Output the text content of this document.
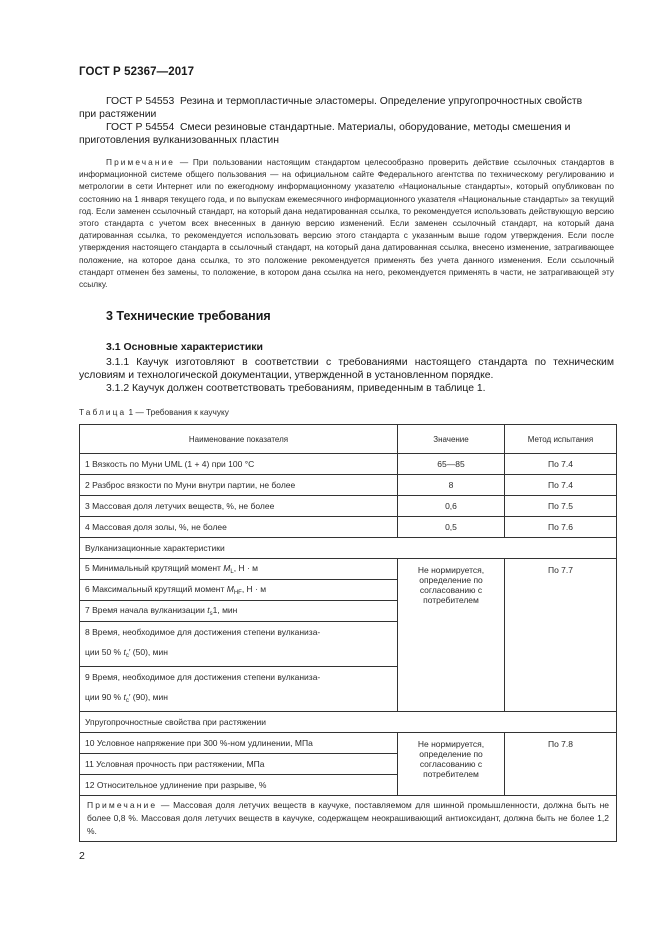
ГОСТ Р 52367—2017
ГОСТ Р 54553 Резина и термопластичные эластомеры. Определение упругопрочностных свойств
при растяжении
ГОСТ Р 54554 Смеси резиновые стандартные. Материалы, оборудование, методы смешения и
приготовления вулканизованных пластин
Примечание — При пользовании настоящим стандартом целесообразно проверить действие ссылочных стандартов в информационной системе общего пользования — на официальном сайте Федерального агентства по техническому регулированию и метрологии в сети Интернет или по ежегодному информационному указателю «Национальные стандарты», который опубликован по состоянию на 1 января текущего года, и по выпускам ежемесячного информационного указателя «Национальные стандарты» за текущий год. Если заменен ссылочный стандарт, на который дана недатированная ссылка, то рекомендуется использовать действующую версию этого стандарта с учетом всех внесенных в данную версию изменений. Если заменен ссылочный стандарт, на который дана датированная ссылка, то рекомендуется использовать версию этого стандарта с указанным выше годом утверждения. Если после утверждения настоящего стандарта в ссылочный стандарт, на который дана датированная ссылка, внесено изменение, затрагивающее положение, на которое дана ссылка, то это положение рекомендуется применять без учета данного изменения. Если ссылочный стандарт отменен без замены, то положение, в котором дана ссылка на него, рекомендуется применять в части, не затрагивающей эту ссылку.
3 Технические требования
3.1 Основные характеристики
3.1.1 Каучук изготовляют в соответствии с требованиями настоящего стандарта по техническим условиям и технологической документации, утвержденной в установленном порядке.
3.1.2 Каучук должен соответствовать требованиям, приведенным в таблице 1.
Таблица 1 — Требования к каучуку
Наименование показателя	Значение	Метод испытания
1 Вязкость по Муни UML (1 + 4) при 100 °С	65—85	По 7.4
2 Разброс вязкости по Муни внутри партии, не более	8	По 7.4
3 Массовая доля летучих веществ, %, не более	0,6	По 7.5
4 Массовая доля золы, %, не более	0,5	По 7.6
Вулканизационные характеристики		
5 Минимальный крутящий момент $M_L$, Н · м	Не нормируется, определение по согласованию с потребителем	По 7.7
6 Максимальный крутящий момент $M_{HF}$, Н · м		
7 Время начала вулканизации $t_s1$, мин		

8 Время, необходимое для достижения степени вулканиза-
ции 50 % $t_c'$ (50), мин		

9 Время, необходимое для достижения степени вулканиза-
ции 90 % $t_c'$ (90), мин		

Упругопрочностные свойства при растяжении		
10 Условное напряжение при 300 %-ном удлинении, МПа	Не нормируется, определение по согласованию с потребителем	По 7.8
11 Условная прочность при растяжении, МПа		
12 Относительное удлинение при разрыве, %		
Примечание — Массовая доля летучих веществ в каучуке, поставляемом для шинной промышленности, должна быть не более 0,8 %. Массовая доля летучих веществ в каучуке, содержащем неокрашивающий антиоксидант, должна быть не более 1,2 %.		
2
